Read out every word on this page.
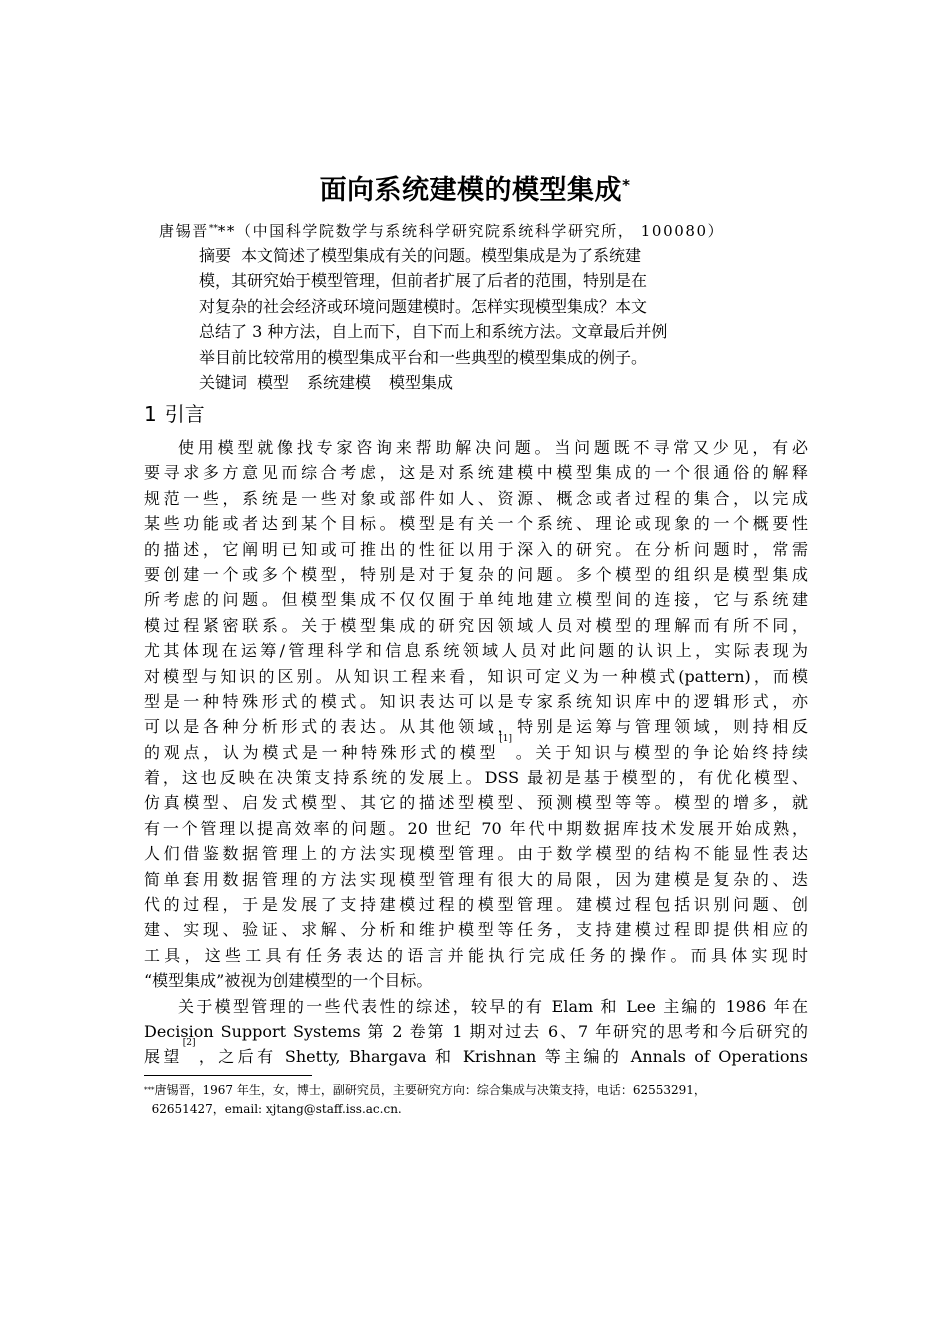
面向系统建模的模型集成*
唐锡晋****（中国科学院数学与系统科学研究院系统科学研究所， 100080）
摘要 本文简述了模型集成有关的问题。模型集成是为了系统建
模，其研究始于模型管理，但前者扩展了后者的范围，特别是在
对复杂的社会经济或环境问题建模时。怎样实现模型集成？本文
总结了 3 种方法，自上而下，自下而上和系统方法。文章最后并例
举目前比较常用的模型集成平台和一些典型的模型集成的例子。
关键词 模型 系统建模 模型集成
1 引言
使用模型就像找专家咨询来帮助解决问题。当问题既不寻常又少见，有必
要寻求多方意见而综合考虑，这是对系统建模中模型集成的一个很通俗的解释
规范一些，系统是一些对象或部件如人、资源、概念或者过程的集合，以完成
某些功能或者达到某个目标。模型是有关一个系统、理论或现象的一个概要性
的描述，它阐明已知或可推出的性征以用于深入的研究。在分析问题时，常需
要创建一个或多个模型，特别是对于复杂的问题。多个模型的组织是模型集成
所考虑的问题。但模型集成不仅仅囿于单纯地建立模型间的连接，它与系统建
模过程紧密联系。关于模型集成的研究因领域人员对模型的理解而有所不同，
尤其体现在运筹/管理科学和信息系统领域人员对此问题的认识上，实际表现为
对模型与知识的区别。从知识工程来看，知识可定义为一种模式(pattern)，而模
型是一种特殊形式的模式。知识表达可以是专家系统知识库中的逻辑形式，亦
可以是各种分析形式的表达。从其他领域，特别是运筹与管理领域，则持相反
的观点，认为模式是一种特殊形式的模型[1]。关于知识与模型的争论始终持续
着，这也反映在决策支持系统的发展上。DSS 最初是基于模型的，有优化模型、
仿真模型、启发式模型、其它的描述型模型、预测模型等等。模型的增多，就
有一个管理以提高效率的问题。20 世纪 70 年代中期数据库技术发展开始成熟，
人们借鉴数据管理上的方法实现模型管理。由于数学模型的结构不能显性表达
简单套用数据管理的方法实现模型管理有很大的局限，因为建模是复杂的、迭
代的过程，于是发展了支持建模过程的模型管理。建模过程包括识别问题、创
建、实现、验证、求解、分析和维护模型等任务，支持建模过程即提供相应的
工具，这些工具有任务表达的语言并能执行完成任务的操作。而具体实现时
“模型集成”被视为创建模型的一个目标。
关于模型管理的一些代表性的综述，较早的有 Elam 和 Lee 主编的 1986 年在
Decision Support Systems 第 2 卷第 1 期对过去 6、7 年研究的思考和今后研究的
展望[2]，之后有 Shetty, Bhargava 和 Krishnan 等主编的 Annals of Operations
***唐锡晋，1967 年生，女，博士，副研究员，主要研究方向：综合集成与决策支持，电话：62553291，
62651427，email: xjtang@staff.iss.ac.cn.
